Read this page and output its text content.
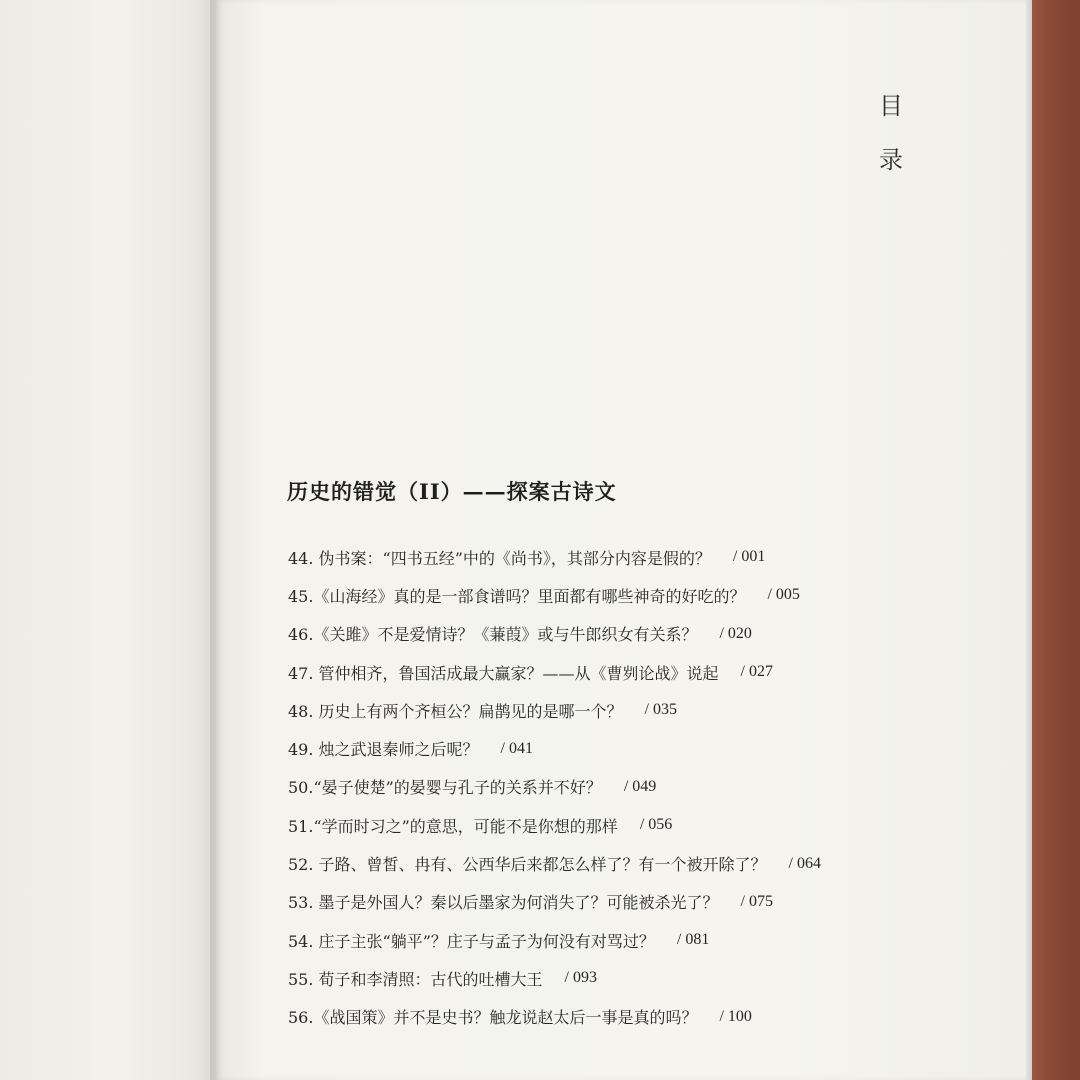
目
录
历史的错觉（II）——探案古诗文
44. 伪书案：“四书五经”中的《尚书》，其部分内容是假的？ / 001
45.《山海经》真的是一部食谱吗？里面都有哪些神奇的好吃的？ / 005
46.《关雎》不是爱情诗？《蒹葭》或与牛郎织女有关系？ / 020
47. 管仲相齐，鲁国活成最大赢家？——从《曹刿论战》说起 / 027
48. 历史上有两个齐桓公？扁鹊见的是哪一个？ / 035
49. 烛之武退秦师之后呢？ / 041
50.“晏子使楚”的晏婴与孔子的关系并不好？ / 049
51.“学而时习之”的意思，可能不是你想的那样 / 056
52. 子路、曾皙、冉有、公西华后来都怎么样了？有一个被开除了？ / 064
53. 墨子是外国人？秦以后墨家为何消失了？可能被杀光了？ / 075
54. 庄子主张“躺平”？庄子与孟子为何没有对骂过？ / 081
55. 荀子和李清照：古代的吐槽大王 / 093
56.《战国策》并不是史书？触龙说赵太后一事是真的吗？ / 100
